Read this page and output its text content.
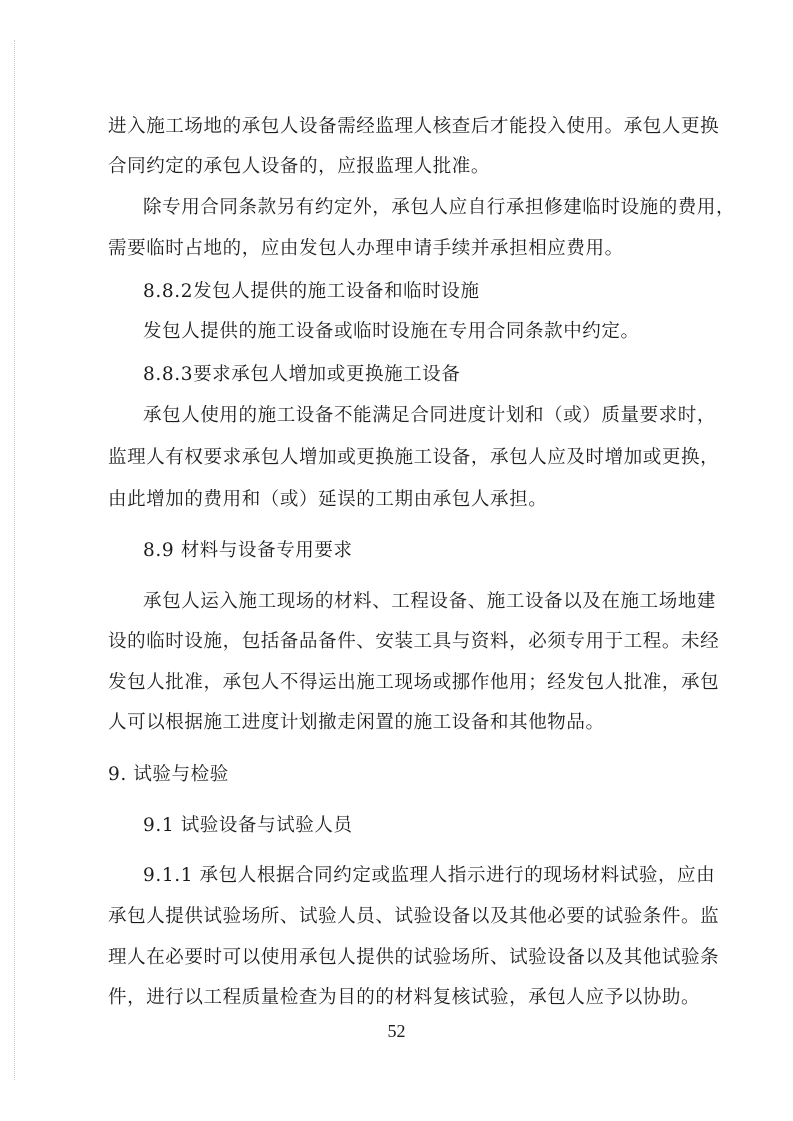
进入施工场地的承包人设备需经监理人核查后才能投入使用。承包人更换
合同约定的承包人设备的，应报监理人批准。
除专用合同条款另有约定外，承包人应自行承担修建临时设施的费用，
需要临时占地的，应由发包人办理申请手续并承担相应费用。
8.8.2发包人提供的施工设备和临时设施
发包人提供的施工设备或临时设施在专用合同条款中约定。
8.8.3要求承包人增加或更换施工设备
承包人使用的施工设备不能满足合同进度计划和（或）质量要求时，
监理人有权要求承包人增加或更换施工设备，承包人应及时增加或更换，
由此增加的费用和（或）延误的工期由承包人承担。
8.9 材料与设备专用要求
承包人运入施工现场的材料、工程设备、施工设备以及在施工场地建
设的临时设施，包括备品备件、安装工具与资料，必须专用于工程。未经
发包人批准，承包人不得运出施工现场或挪作他用；经发包人批准，承包
人可以根据施工进度计划撤走闲置的施工设备和其他物品。
9. 试验与检验
9.1 试验设备与试验人员
9.1.1 承包人根据合同约定或监理人指示进行的现场材料试验，应由
承包人提供试验场所、试验人员、试验设备以及其他必要的试验条件。监
理人在必要时可以使用承包人提供的试验场所、试验设备以及其他试验条
件，进行以工程质量检查为目的的材料复核试验，承包人应予以协助。
52
